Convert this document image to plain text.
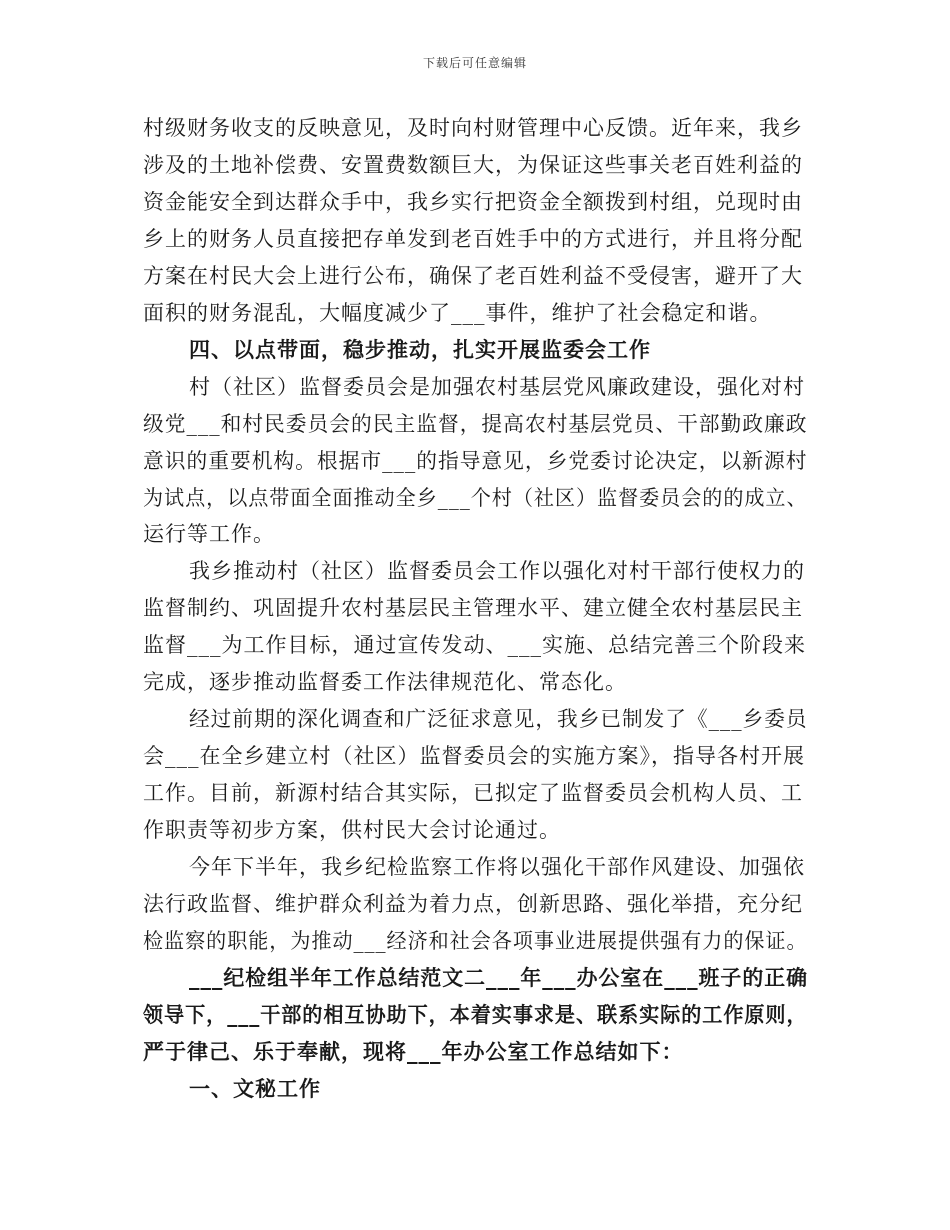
下载后可任意编辑
村级财务收支的反映意见，及时向村财管理中心反馈。近年来，我乡
涉及的土地补偿费、安置费数额巨大，为保证这些事关老百姓利益的
资金能安全到达群众手中，我乡实行把资金全额拨到村组，兑现时由
乡上的财务人员直接把存单发到老百姓手中的方式进行，并且将分配
方案在村民大会上进行公布，确保了老百姓利益不受侵害，避开了大
面积的财务混乱，大幅度减少了___事件，维护了社会稳定和谐。
四、以点带面，稳步推动，扎实开展监委会工作
村（社区）监督委员会是加强农村基层党风廉政建设，强化对村
级党___和村民委员会的民主监督，提高农村基层党员、干部勤政廉政
意识的重要机构。根据市___的指导意见，乡党委讨论决定，以新源村
为试点，以点带面全面推动全乡___个村（社区）监督委员会的的成立、
运行等工作。
我乡推动村（社区）监督委员会工作以强化对村干部行使权力的
监督制约、巩固提升农村基层民主管理水平、建立健全农村基层民主
监督___为工作目标，通过宣传发动、___实施、总结完善三个阶段来
完成，逐步推动监督委工作法律规范化、常态化。
经过前期的深化调查和广泛征求意见，我乡已制发了《___乡委员
会___在全乡建立村（社区）监督委员会的实施方案》，指导各村开展
工作。目前，新源村结合其实际，已拟定了监督委员会机构人员、工
作职责等初步方案，供村民大会讨论通过。
今年下半年，我乡纪检监察工作将以强化干部作风建设、加强依
法行政监督、维护群众利益为着力点，创新思路、强化举措，充分纪
检监察的职能，为推动___经济和社会各项事业进展提供强有力的保证。
___纪检组半年工作总结范文二___年___办公室在___班子的正确
领导下，___干部的相互协助下，本着实事求是、联系实际的工作原则，
严于律己、乐于奉献，现将___年办公室工作总结如下：
一、文秘工作
